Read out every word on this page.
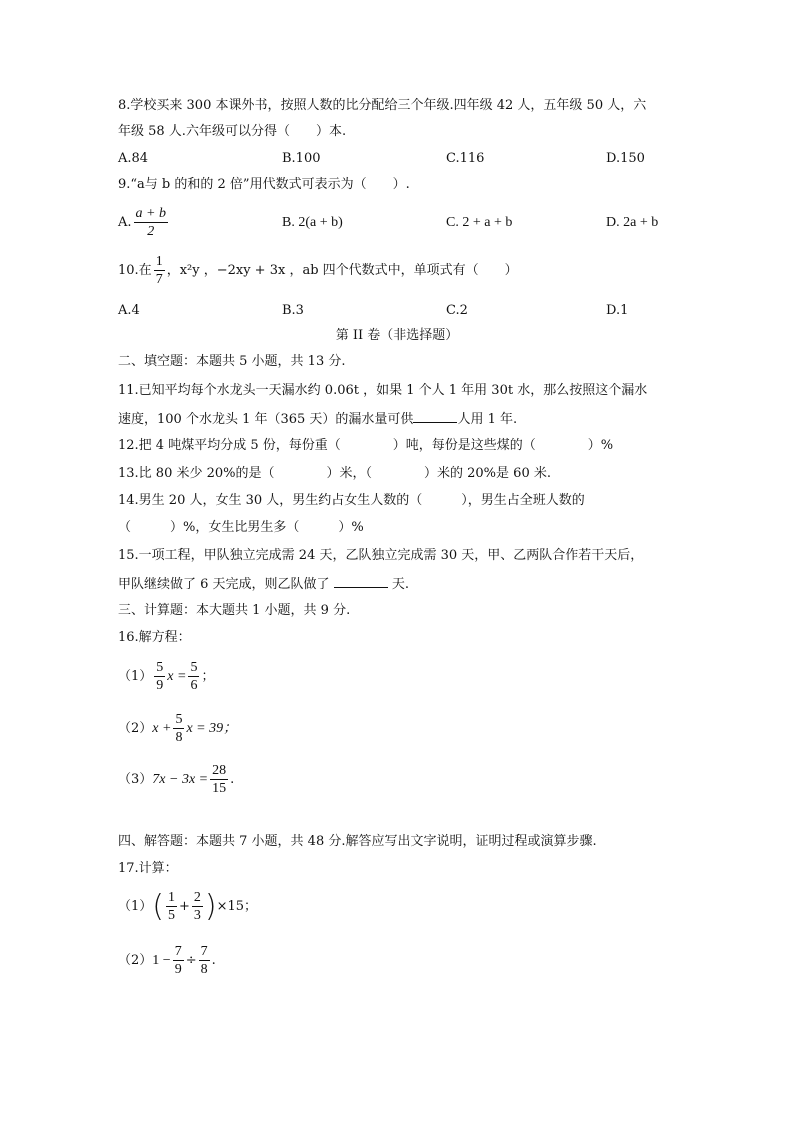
8.学校买来 300 本课外书，按照人数的比分配给三个年级.四年级 42 人，五年级 50 人，六
年级 58 人.六年级可以分得（　　）本.
A.84	B.100	C.116	D.150
9.“a与 b 的和的 2 倍”用代数式可表示为（　　）.
A. $\frac{a + b}{2}$	B. 2(a + b)	C. 2 + a + b	D. 2a + b
10.在 $\frac{1}{7}$ ，x²y ，−2xy + 3x ，ab 四个代数式中，单项式有（　　）
A.4	B.3	C.2	D.1
第 II 卷（非选择题）
二、填空题：本题共 5 小题，共 13 分.
11.已知平均每个水龙头一天漏水约 0.06t ，如果 1 个人 1 年用 30t 水，那么按照这个漏水
速度，100 个水龙头 1 年（365 天）的漏水量可供	人用 1 年.
12.把 4 吨煤平均分成 5 份，每份重（　　　　）吨，每份是这些煤的（　　　　）%
13.比 80 米少 20%的是（　　　　）米，（　　　　）米的 20%是 60 米.
14.男生 20 人，女生 30 人，男生约占女生人数的（　　　），男生占全班人数的
（　　　）%，女生比男生多（　　　）%
15.一项工程，甲队独立完成需 24 天，乙队独立完成需 30 天，甲、乙两队合作若干天后，
甲队继续做了 6 天完成，则乙队做了	天.
三、计算题：本大题共 1 小题，共 9 分.
16.解方程：
$(1) \frac{5}{9}$ $x = \frac{5}{6}$ ；
（2） $x + \frac{5}{8}$ x = 39；
（3） $7x - 3x = \frac{28}{15}$ .
四、解答题：本题共 7 小题，共 48 分.解答应写出文字说明，证明过程或演算步骤.
17.计算：
（1） ( $\frac{1}{5} + \frac{2}{3}$ ) ×15；
（2） $1 - \frac{7}{9} \div \frac{7}{8}$ .
